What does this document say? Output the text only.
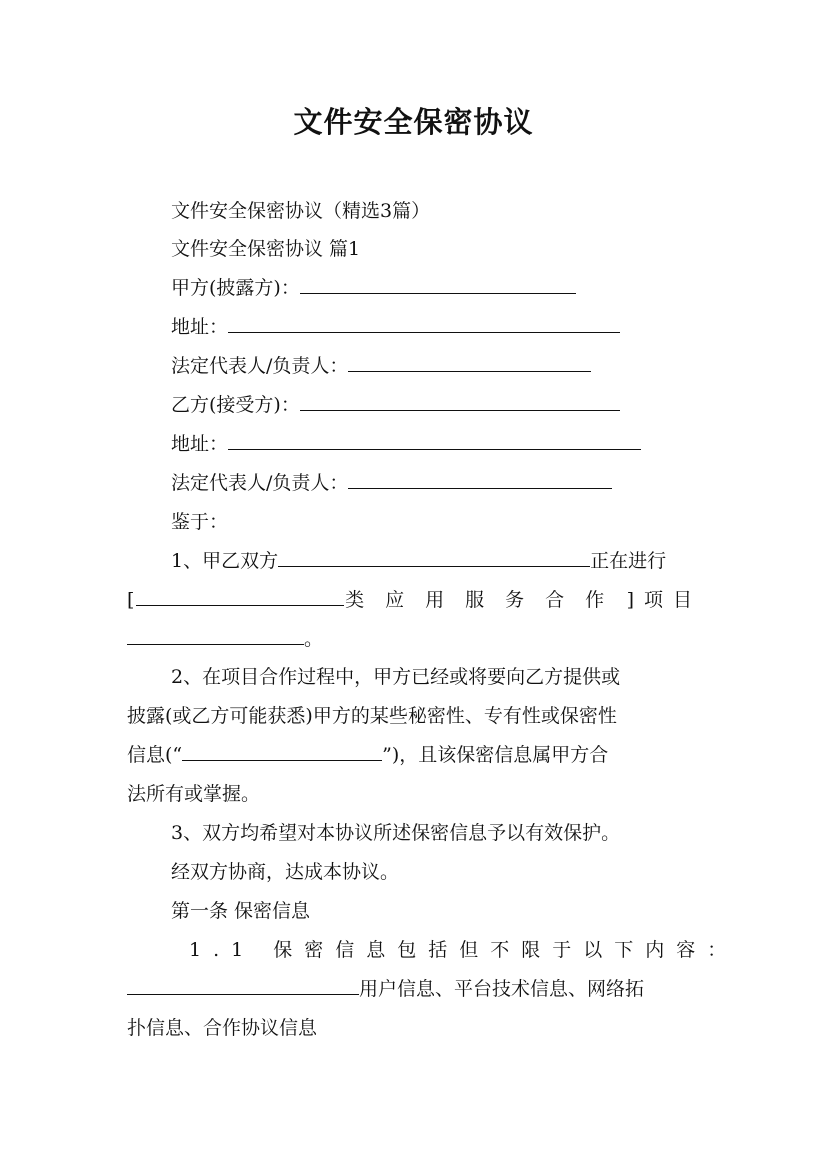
文件安全保密协议
文件安全保密协议（精选3篇）
文件安全保密协议 篇1
甲方(披露方)：
地址：
法定代表人/负责人：
乙方(接受方)：
地址：
法定代表人/负责人：
鉴于：
1、甲乙双方	正在进行
[	类应用服务合作 ]项目
。
2、在项目合作过程中，甲方已经或将要向乙方提供或
披露(或乙方可能获悉)甲方的某些秘密性、专有性或保密性
信息(“	”)，且该保密信息属甲方合
法所有或掌握。
3、双方均希望对本协议所述保密信息予以有效保护。
经双方协商，达成本协议。
第一条 保密信息
1.1 保密信息包括但不限于以下内容：
用户信息、平台技术信息、网络拓
扑信息、合作协议信息
